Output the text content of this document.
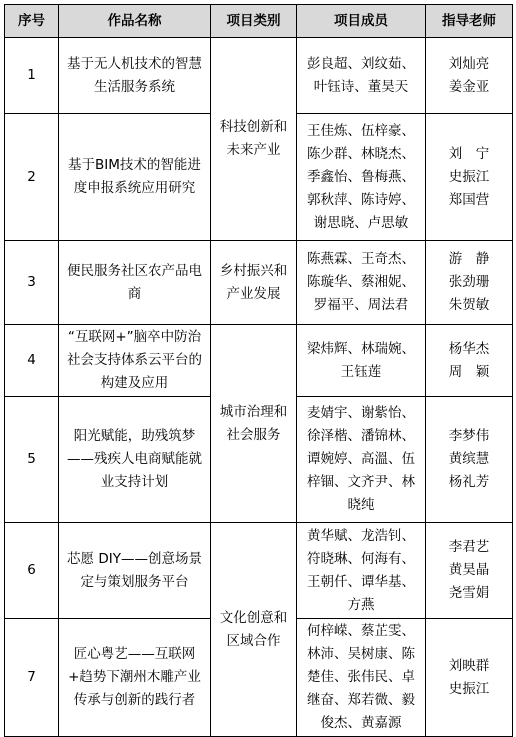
序号	作品名称	项目类别	项目成员	指导老师
1	基于无人机技术的智慧生活服务系统	科技创新和未来产业	彭良超、刘纹茹、
叶钰诗、董昊天	刘灿亮
姜金亚

2	基于BIM技术的智能进度申报系统应用研究		王佳炼、伍梓豪、
陈少群、林晓杰、
季鑫怡、鲁梅燕、
郭秋萍、陈诗婷、
谢思晓、卢思敏	刘　宁
史振江
郑国营

3	便民服务社区农产品电商	乡村振兴和产业发展	陈燕霖、王奇杰、
陈璇华、蔡湘妮、
罗福平、周法君	游　静
张劲珊
朱贺敏

4	“互联网+”脑卒中防治社会支持体系云平台的构建及应用	城市治理和社会服务	梁炜辉、林瑞婉、
王钰莲	杨华杰
周　颖

5	阳光赋能，助残筑梦——残疾人电商赋能就业支持计划		麦婧宇、谢紫怡、
徐泽楷、潘锦林、
谭婉婷、高溫、伍
梓锢、文齐尹、林
晓纯	李梦伟
黄缤慧
杨礼芳

6	芯愿 DIY——创意场景定与策划服务平台	文化创意和区域合作	黄华赋、龙浩钊、
符晓琳、何海有、
王朝仟、谭华基、
方燕	李君艺
黄昊晶
尧雪娟

7	匠心粤艺——互联网+趋势下潮州木雕产业传承与创新的践行者		何梓嵘、蔡芷雯、
林沛、吴树康、陈
楚佳、张伟民、卓
继奋、郑若微、毅
俊杰、黄嘉源	刘映群
史振江
